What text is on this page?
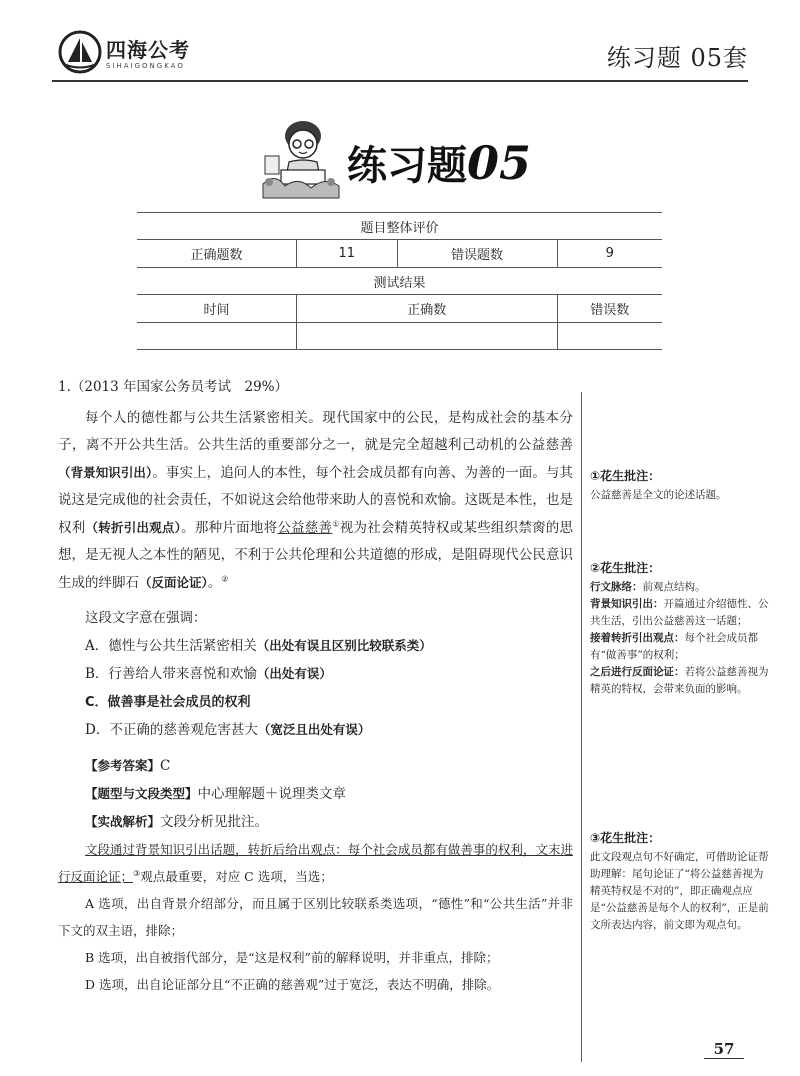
四海公考
SIHAIGONGKAO	练习题 05套
练习题05
题目整体评价			
正确题数	11	错误题数	9
测试结果			
时间	正确数		错误数

1.（2013 年国家公务员考试　29%）

每个人的德性都与公共生活紧密相关。现代国家中的公民，是构成社会的基本分子，离不开公共生活。公共生活的重要部分之一，就是完全超越利己动机的公益慈善（背景知识引出）。事实上，追问人的本性，每个社会成员都有向善、为善的一面。与其说这是完成他的社会责任，不如说这会给他带来助人的喜悦和欢愉。这既是本性，也是权利（转折引出观点）。那种片面地将公益慈善①视为社会精英特权或某些组织禁脔的思想，是无视人之本性的陋见，不利于公共伦理和公共道德的形成，是阻碍现代公民意识生成的绊脚石（反面论证）。②

这段文字意在强调：

A．德性与公共生活紧密相关（出处有误且区别比较联系类）

B．行善给人带来喜悦和欢愉（出处有误）

C．做善事是社会成员的权利

D．不正确的慈善观危害甚大（宽泛且出处有误）

【参考答案】C

【题型与文段类型】中心理解题＋说理类文章

【实战解析】文段分析见批注。

文段通过背景知识引出话题，转折后给出观点：每个社会成员都有做善事的权利，文末进行反面论证；③观点最重要，对应 C 选项，当选；

A 选项，出自背景介绍部分，而且属于区别比较联系类选项，“德性”和“公共生活”并非下文的双主语，排除；

B 选项，出自被指代部分，是“这是权利”前的解释说明，并非重点，排除；

D 选项，出自论证部分且“不正确的慈善观”过于宽泛，表达不明确，排除。

①花生批注：
公益慈善是全文的论述话题。
②花生批注：
行文脉络：前观点结构。
背景知识引出：开篇通过介绍德性、公共生活，引出公益慈善这一话题；
接着转折引出观点：每个社会成员都有“做善事”的权利；
之后进行反面论证：若将公益慈善视为精英的特权，会带来负面的影响。
③花生批注：
此文段观点句不好确定，可借助论证帮助理解：尾句论证了“将公益慈善视为精英特权是不对的”，即正确观点应是“公益慈善是每个人的权利”，正是前文所表达内容，前文即为观点句。
57
